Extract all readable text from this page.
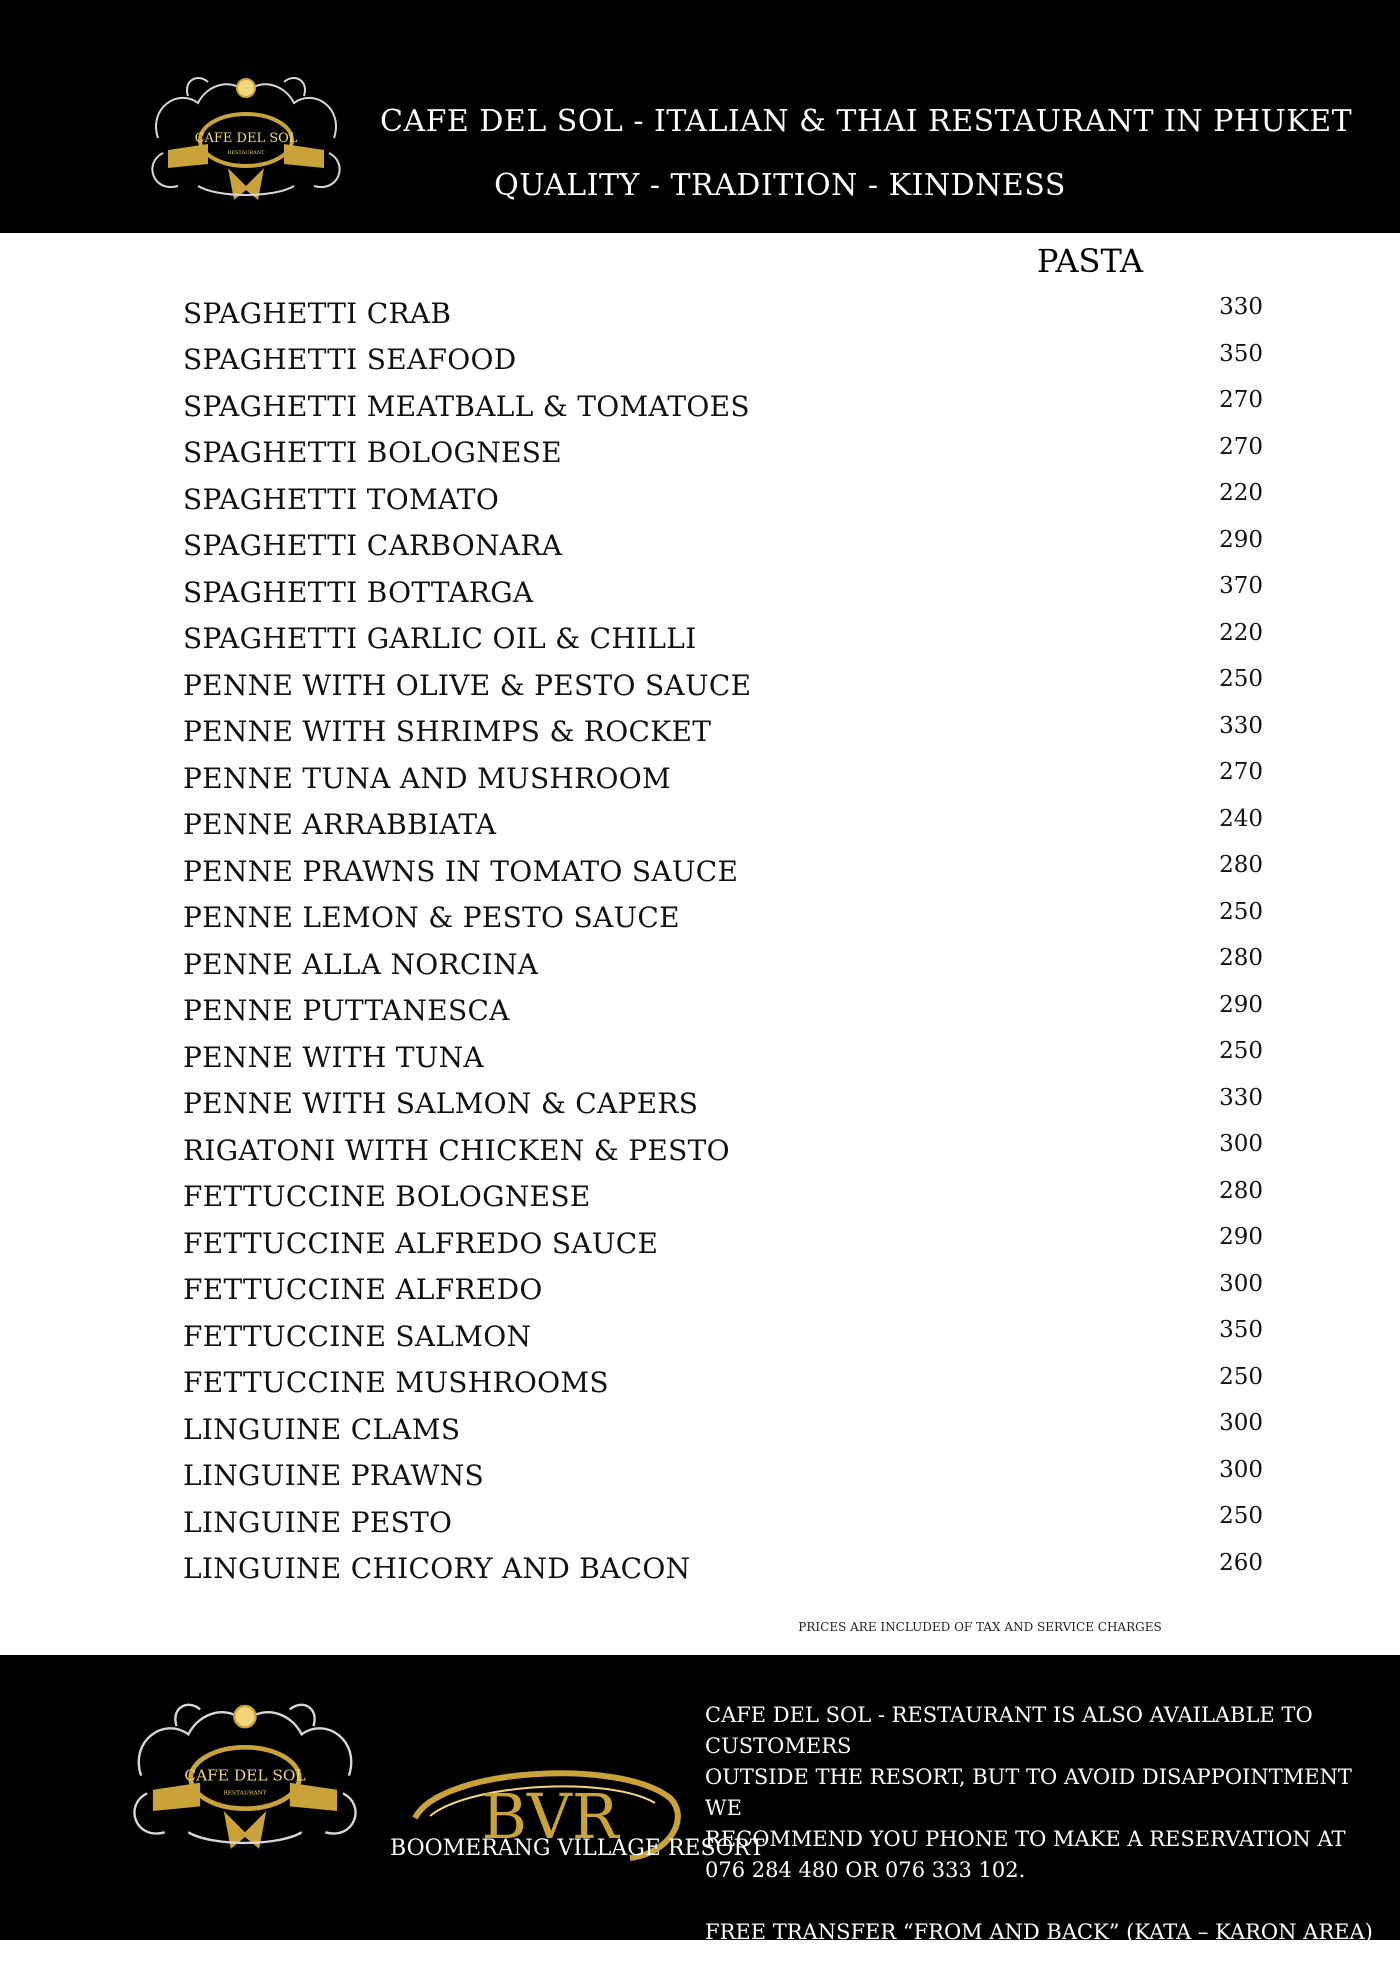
CAFE DEL SOL
RESTAURANT
CAFE DEL SOL - ITALIAN & THAI RESTAURANT IN PHUKET
QUALITY - TRADITION - KINDNESS
PASTA
SPAGHETTI CRAB	330
SPAGHETTI SEAFOOD	350
SPAGHETTI MEATBALL & TOMATOES	270
SPAGHETTI BOLOGNESE	270
SPAGHETTI TOMATO	220
SPAGHETTI CARBONARA	290
SPAGHETTI BOTTARGA	370
SPAGHETTI GARLIC OIL & CHILLI	220
PENNE WITH OLIVE & PESTO SAUCE	250
PENNE WITH SHRIMPS & ROCKET	330
PENNE TUNA AND MUSHROOM	270
PENNE ARRABBIATA	240
PENNE PRAWNS IN TOMATO SAUCE	280
PENNE LEMON & PESTO SAUCE	250
PENNE ALLA NORCINA	280
PENNE PUTTANESCA	290
PENNE WITH TUNA	250
PENNE WITH SALMON & CAPERS	330
RIGATONI WITH CHICKEN & PESTO	300
FETTUCCINE BOLOGNESE	280
FETTUCCINE ALFREDO SAUCE	290
FETTUCCINE ALFREDO	300
FETTUCCINE SALMON	350
FETTUCCINE MUSHROOMS	250
LINGUINE CLAMS	300
LINGUINE PRAWNS	300
LINGUINE PESTO	250
LINGUINE CHICORY AND BACON	260
PRICES ARE INCLUDED OF TAX AND SERVICE CHARGES
CAFE DEL SOL
RESTAURANT	BVR
BOOMERANG VILLAGE RESORT

CAFE DEL SOL - RESTAURANT IS ALSO AVAILABLE TO CUSTOMERS

OUTSIDE THE RESORT, BUT TO AVOID DISAPPOINTMENT WE

RECOMMEND YOU PHONE TO MAKE A RESERVATION AT

076 284 480 OR 076 333 102.

FREE TRANSFER “FROM AND BACK” (KATA – KARON AREA)
